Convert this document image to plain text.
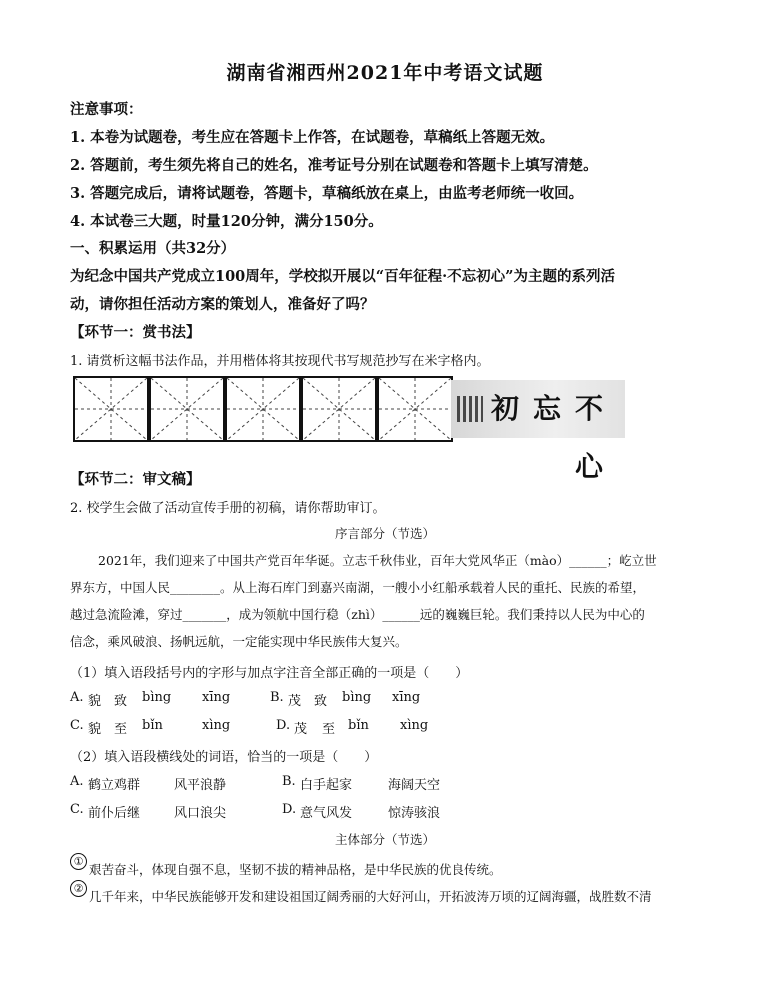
湖南省湘西州2021年中考语文试题
注意事项：
1. 本卷为试题卷，考生应在答题卡上作答，在试题卷，草稿纸上答题无效。
2. 答题前，考生须先将自己的姓名，准考证号分别在试题卷和答题卡上填写清楚。
3. 答题完成后，请将试题卷，答题卡，草稿纸放在桌上，由监考老师统一收回。
4. 本试卷三大题，时量120分钟，满分150分。
一、积累运用（共32分）
为纪念中国共产党成立100周年，学校拟开展以“百年征程·不忘初心”为主题的系列活
动，请你担任活动方案的策划人，准备好了吗？
【环节一：赏书法】
1. 请赏析这幅书法作品，并用楷体将其按现代书写规范抄写在米字格内。
不忘初心
【环节二：审文稿】
2. 校学生会做了活动宣传手册的初稿，请你帮助审订。
序言部分（节选）
2021年，我们迎来了中国共产党百年华诞。立志千秋伟业，百年大党风华正（mào）______；屹立世
界东方，中国人民________。从上海石库门到嘉兴南湖，一艘小小红船承载着人民的重托、民族的希望，
越过急流险滩，穿过_______，成为领航中国行稳（zhì）______远的巍巍巨轮。我们秉持以人民为中心的
信念，乘风破浪、扬帆远航，一定能实现中华民族伟大复兴。
（1）填入语段括号内的字形与加点字注音全部正确的一项是（　　）
A. 貌 致 bìng xīng	B. 茂 致 bìng xīng
C. 貌 至 bǐn	xìng	D. 茂 至 bǐn xìng
（2）填入语段横线处的词语，恰当的一项是（　　）
A. 鹤立鸡群	风平浪静	B. 白手起家	海阔天空
C. 前仆后继	风口浪尖	D. 意气风发	惊涛骇浪
主体部分（节选）
①艰苦奋斗，体现自强不息，坚韧不拔的精神品格，是中华民族的优良传统。
②几千年来，中华民族能够开发和建设祖国辽阔秀丽的大好河山，开拓波涛万顷的辽阔海疆，战胜数不清
